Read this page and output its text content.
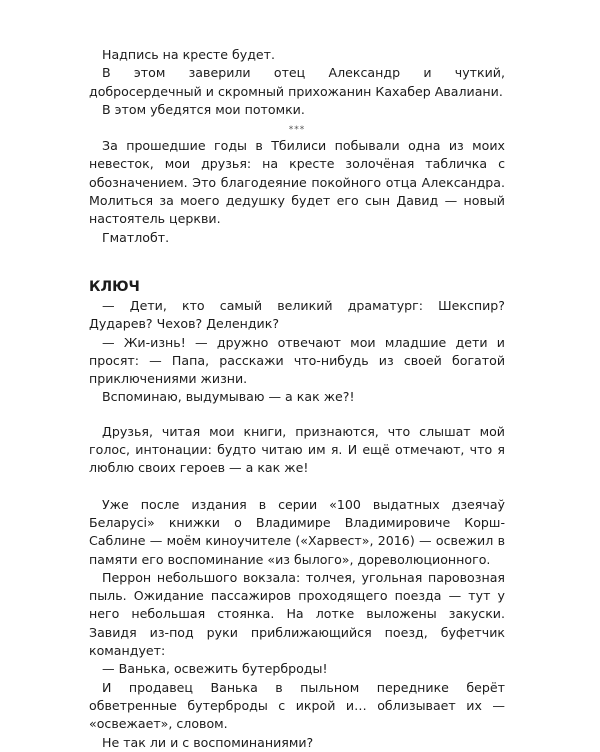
Надпись на кресте будет.

В этом заверили отец Александр и чуткий, добросердечный и скромный прихожанин Кахабер Авалиани.

В этом убедятся мои потомки.

***

За прошедшие годы в Тбилиси побывали одна из моих невесток, мои друзья: на кресте золочёная табличка с обозначением. Это благодеяние покойного отца Александра. Молиться за моего дедушку будет его сын Давид — новый настоятель церкви.

Гматлобт.

КЛЮЧ

— Дети, кто самый великий драматург: Шекспир? Дударев? Чехов? Делендик?

— Жи-изнь! — дружно отвечают мои младшие дети и просят: — Папа, расскажи что-нибудь из своей богатой приключениями жизни.

Вспоминаю, выдумываю — а как же?!

Друзья, читая мои книги, признаются, что слышат мой голос, интонации: будто читаю им я. И ещё отмечают, что я люблю своих героев — а как же!

Уже после издания в серии «100 выдатных дзеячаў Беларусі» книжки о Владимире Владимировиче Корш-Саблине — моём киноучителе («Харвест», 2016) — освежил в памяти его воспоминание «из былого», дореволюционного.

Перрон небольшого вокзала: толчея, угольная паровозная пыль. Ожидание пассажиров проходящего поезда — тут у него небольшая стоянка. На лотке выложены закуски. Завидя из-под руки приближающийся поезд, буфетчик командует:

— Ванька, освежить бутерброды!

И продавец Ванька в пыльном переднике берёт обветренные бутерброды с икрой и… облизывает их — «освежает», словом.

Не так ли и с воспоминаниями?
